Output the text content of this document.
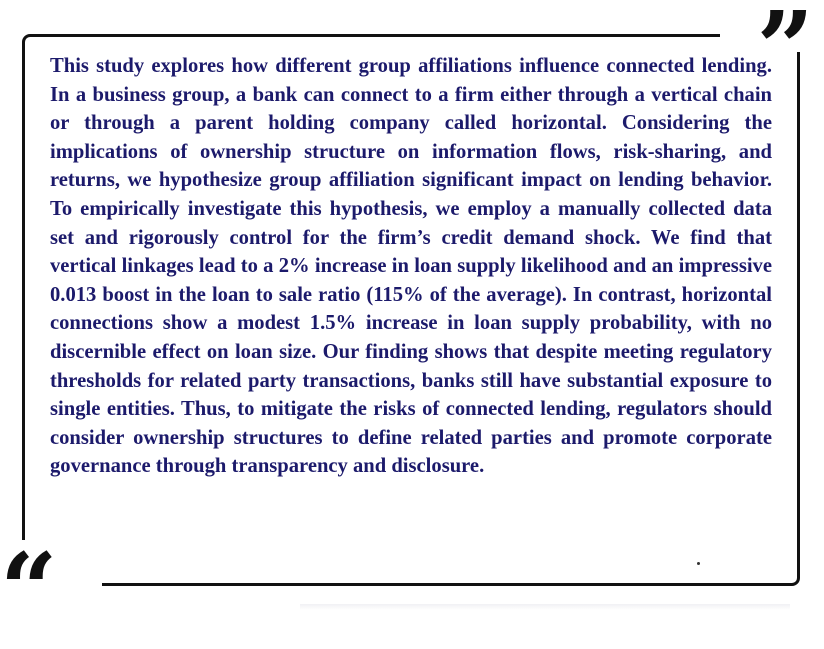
”
“

This study explores how different group affiliations influence connected lending. In a business group, a bank can connect to a firm either through a vertical chain or through a parent holding company called horizontal. Considering the implications of ownership structure on information flows, risk-sharing, and returns, we hypothesize group affiliation significant impact on lending behavior. To empirically investigate this hypothesis, we employ a manually collected data set and rigorously control for the firm’s credit demand shock. We find that vertical linkages lead to a 2% increase in loan supply likelihood and an impressive 0.013 boost in the loan to sale ratio (115% of the average). In contrast, horizontal connections show a modest 1.5% increase in loan supply probability, with no discernible effect on loan size. Our finding shows that despite meeting regulatory thresholds for related party transactions, banks still have substantial exposure to single entities. Thus, to mitigate the risks of connected lending, regulators should consider ownership structures to define related parties and promote corporate governance through transparency and disclosure.
